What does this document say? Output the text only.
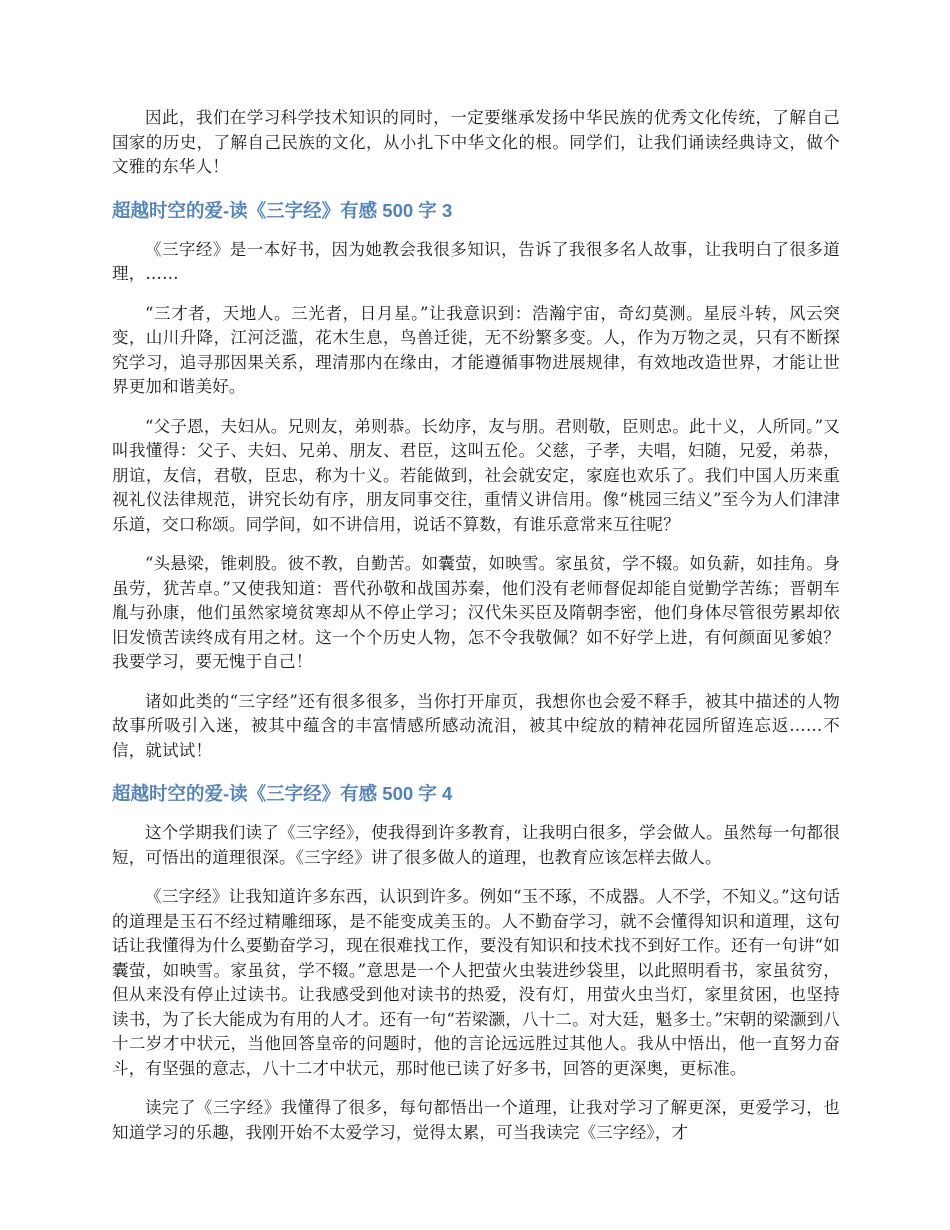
因此，我们在学习科学技术知识的同时，一定要继承发扬中华民族的优秀文化传统，了解自己国家的历史，了解自己民族的文化，从小扎下中华文化的根。同学们，让我们诵读经典诗文，做个文雅的东华人！

超越时空的爱-读《三字经》有感 500 字 3

《三字经》是一本好书，因为她教会我很多知识，告诉了我很多名人故事，让我明白了很多道理，……

“三才者，天地人。三光者，日月星。”让我意识到：浩瀚宇宙，奇幻莫测。星辰斗转，风云突变，山川升降，江河泛滥，花木生息，鸟兽迁徙，无不纷繁多变。人，作为万物之灵，只有不断探究学习，追寻那因果关系，理清那内在缘由，才能遵循事物进展规律，有效地改造世界，才能让世界更加和谐美好。

“父子恩，夫妇从。兄则友，弟则恭。长幼序，友与朋。君则敬，臣则忠。此十义，人所同。”又叫我懂得：父子、夫妇、兄弟、朋友、君臣，这叫五伦。父慈，子孝，夫唱，妇随，兄爱，弟恭，朋谊，友信，君敬，臣忠，称为十义。若能做到，社会就安定，家庭也欢乐了。我们中国人历来重视礼仪法律规范，讲究长幼有序，朋友同事交往，重情义讲信用。像“桃园三结义”至今为人们津津乐道，交口称颂。同学间，如不讲信用，说话不算数，有谁乐意常来互往呢？

“头悬梁，锥刺股。彼不教，自勤苦。如囊萤，如映雪。家虽贫，学不辍。如负薪，如挂角。身虽劳，犹苦卓。”又使我知道：晋代孙敬和战国苏秦，他们没有老师督促却能自觉勤学苦练；晋朝车胤与孙康，他们虽然家境贫寒却从不停止学习；汉代朱买臣及隋朝李密，他们身体尽管很劳累却依旧发愤苦读终成有用之材。这一个个历史人物，怎不令我敬佩？如不好学上进，有何颜面见爹娘？我要学习，要无愧于自己！

诸如此类的“三字经”还有很多很多，当你打开扉页，我想你也会爱不释手，被其中描述的人物故事所吸引入迷，被其中蕴含的丰富情感所感动流泪，被其中绽放的精神花园所留连忘返……不信，就试试！

超越时空的爱-读《三字经》有感 500 字 4

这个学期我们读了《三字经》，使我得到许多教育，让我明白很多，学会做人。虽然每一句都很短，可悟出的道理很深。《三字经》讲了很多做人的道理，也教育应该怎样去做人。

《三字经》让我知道许多东西，认识到许多。例如“玉不琢，不成器。人不学，不知义。”这句话的道理是玉石不经过精雕细琢，是不能变成美玉的。人不勤奋学习，就不会懂得知识和道理，这句话让我懂得为什么要勤奋学习，现在很难找工作，要没有知识和技术找不到好工作。还有一句讲“如囊萤，如映雪。家虽贫，学不辍。”意思是一个人把萤火虫装进纱袋里，以此照明看书，家虽贫穷，但从来没有停止过读书。让我感受到他对读书的热爱，没有灯，用萤火虫当灯，家里贫困，也坚持读书，为了长大能成为有用的人才。还有一句“若梁灏，八十二。对大廷，魁多士。”宋朝的梁灏到八十二岁才中状元，当他回答皇帝的问题时，他的言论远远胜过其他人。我从中悟出，他一直努力奋斗，有坚强的意志，八十二才中状元，那时他已读了好多书，回答的更深奥，更标准。

读完了《三字经》我懂得了很多，每句都悟出一个道理，让我对学习了解更深，更爱学习，也知道学习的乐趣，我刚开始不太爱学习，觉得太累，可当我读完《三字经》，才
